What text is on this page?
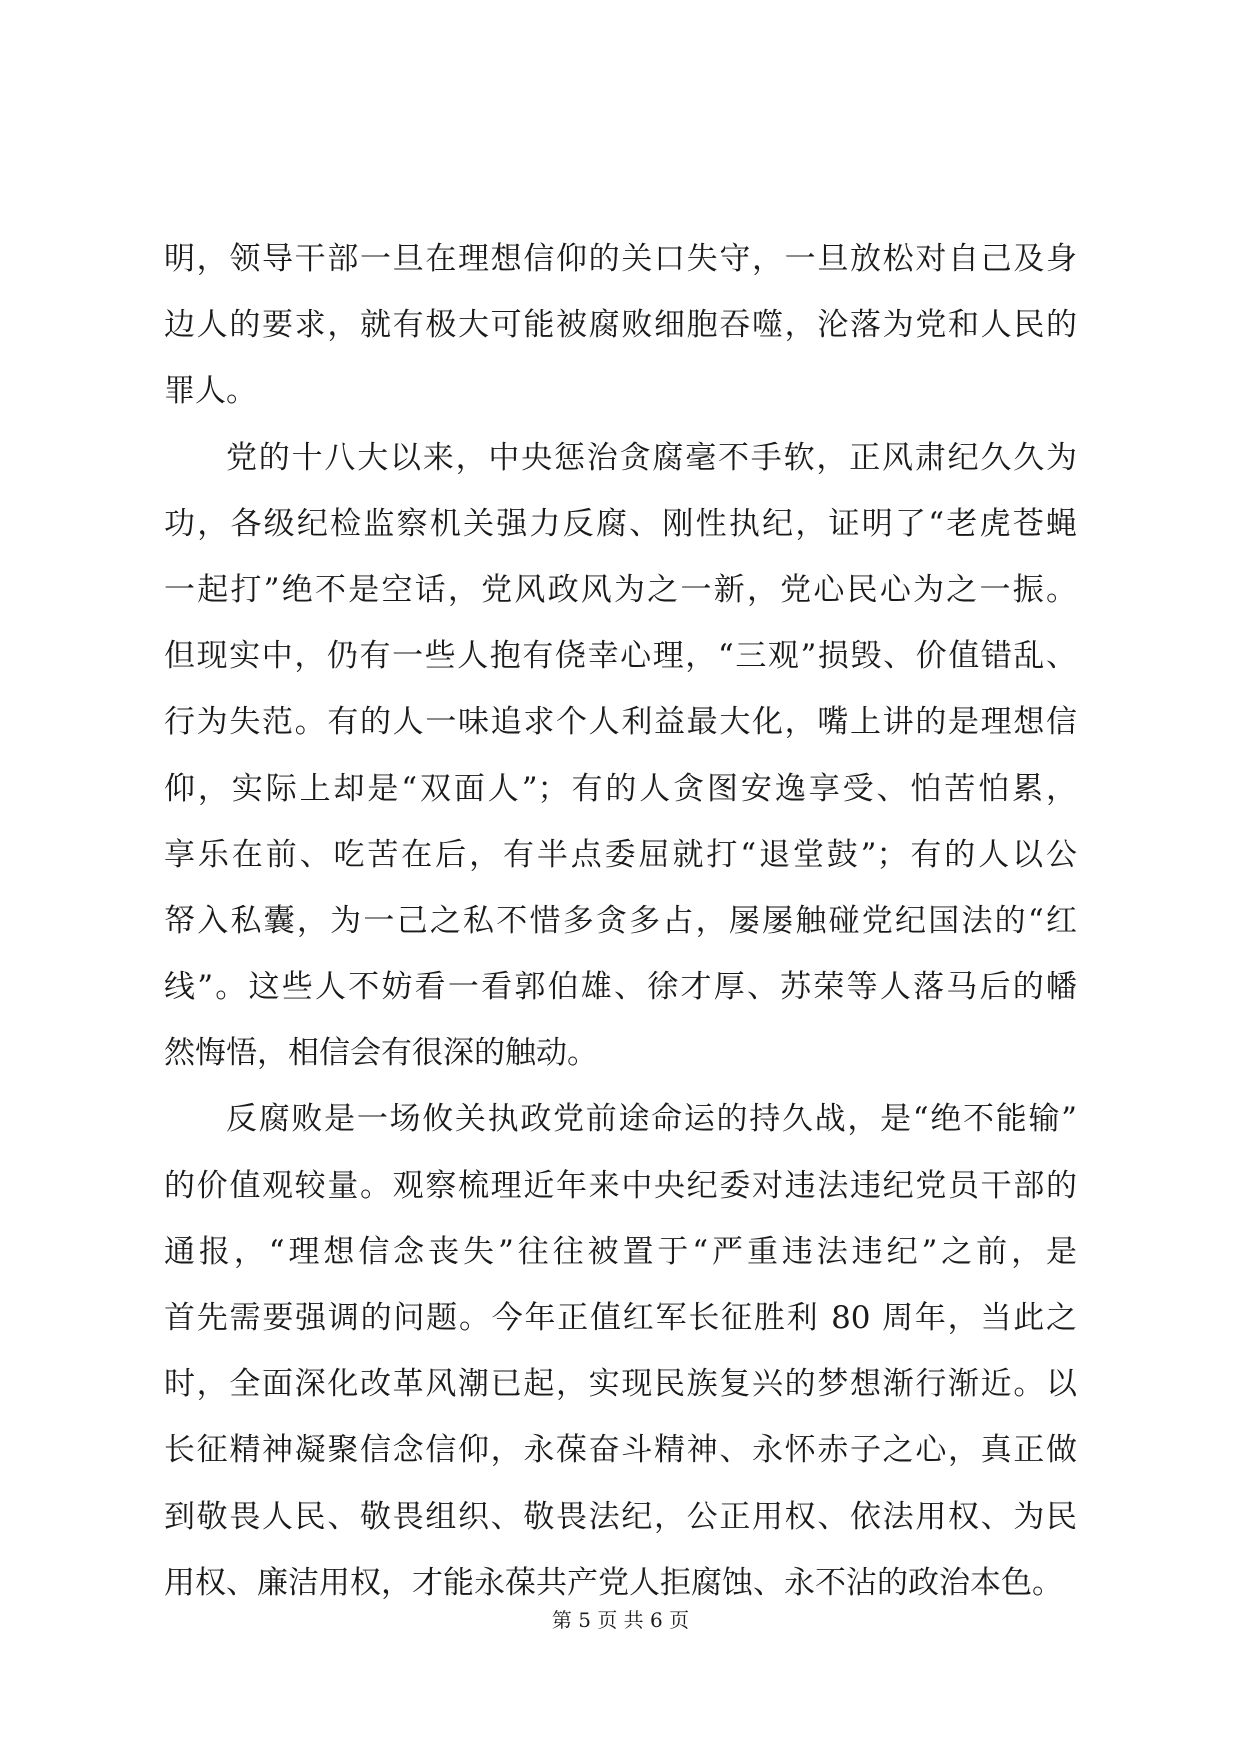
明，领导干部一旦在理想信仰的关口失守，一旦放松对自己及身
边人的要求，就有极大可能被腐败细胞吞噬，沦落为党和人民的
罪人。
党的十八大以来，中央惩治贪腐毫不手软，正风肃纪久久为
功，各级纪检监察机关强力反腐、刚性执纪，证明了“老虎苍蝇
一起打”绝不是空话，党风政风为之一新，党心民心为之一振。
但现实中，仍有一些人抱有侥幸心理，“三观”损毁、价值错乱、
行为失范。有的人一味追求个人利益最大化，嘴上讲的是理想信
仰，实际上却是“双面人”；有的人贪图安逸享受、怕苦怕累，
享乐在前、吃苦在后，有半点委屈就打“退堂鼓”；有的人以公
帑入私囊，为一己之私不惜多贪多占，屡屡触碰党纪国法的“红
线”。这些人不妨看一看郭伯雄、徐才厚、苏荣等人落马后的幡
然悔悟，相信会有很深的触动。
反腐败是一场攸关执政党前途命运的持久战，是“绝不能输”
的价值观较量。观察梳理近年来中央纪委对违法违纪党员干部的
通报，“理想信念丧失”往往被置于“严重违法违纪”之前，是
首先需要强调的问题。今年正值红军长征胜利 80 周年，当此之
时，全面深化改革风潮已起，实现民族复兴的梦想渐行渐近。以
长征精神凝聚信念信仰，永葆奋斗精神、永怀赤子之心，真正做
到敬畏人民、敬畏组织、敬畏法纪，公正用权、依法用权、为民
用权、廉洁用权，才能永葆共产党人拒腐蚀、永不沾的政治本色。
第 5 页 共 6 页
